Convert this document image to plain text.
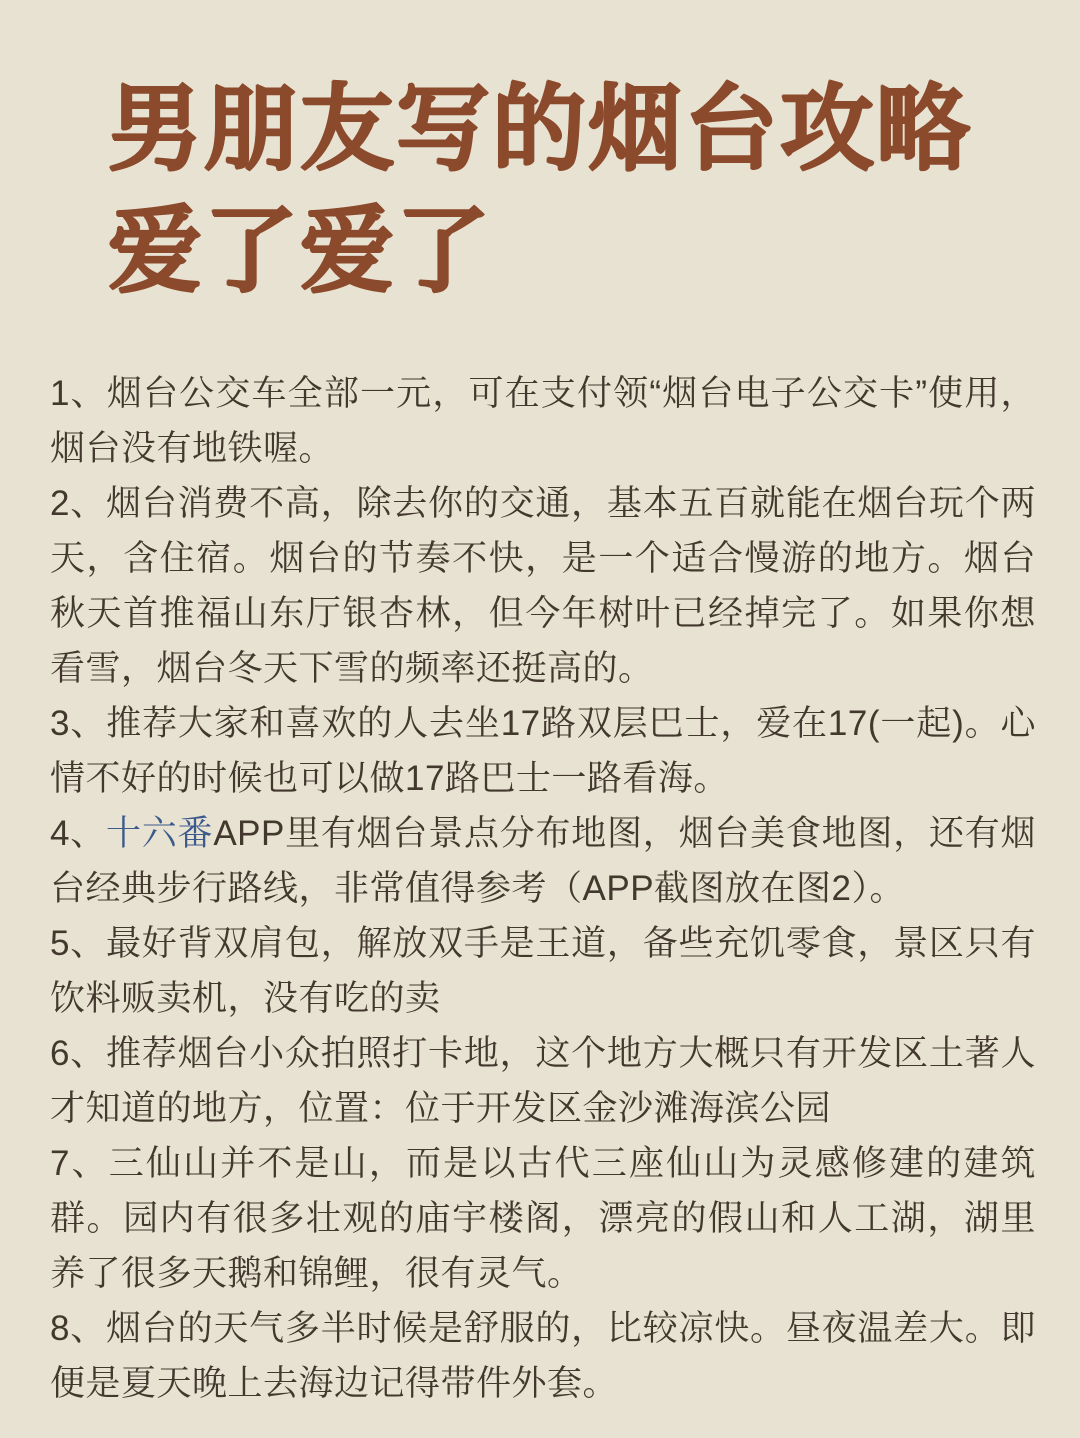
男朋友写的烟台攻略
爱了爱了

1、烟台公交车全部一元，可在支付领“烟台电子公交卡”使用，烟台没有地铁喔。

2、烟台消费不高，除去你的交通，基本五百就能在烟台玩个两天，含住宿。烟台的节奏不快，是一个适合慢游的地方。烟台秋天首推福山东厅银杏林，但今年树叶已经掉完了。如果你想看雪，烟台冬天下雪的频率还挺高的。

3、推荐大家和喜欢的人去坐17路双层巴士，爱在17(一起)。心情不好的时候也可以做17路巴士一路看海。

4、十六番APP里有烟台景点分布地图，烟台美食地图，还有烟台经典步行路线，非常值得参考（APP截图放在图2）。

5、最好背双肩包，解放双手是王道，备些充饥零食，景区只有饮料贩卖机，没有吃的卖

6、推荐烟台小众拍照打卡地，这个地方大概只有开发区土著人才知道的地方，位置：位于开发区金沙滩海滨公园

7、三仙山并不是山，而是以古代三座仙山为灵感修建的建筑群。园内有很多壮观的庙宇楼阁，漂亮的假山和人工湖，湖里养了很多天鹅和锦鲤，很有灵气。

8、烟台的天气多半时候是舒服的，比较凉快。昼夜温差大。即便是夏天晚上去海边记得带件外套。
